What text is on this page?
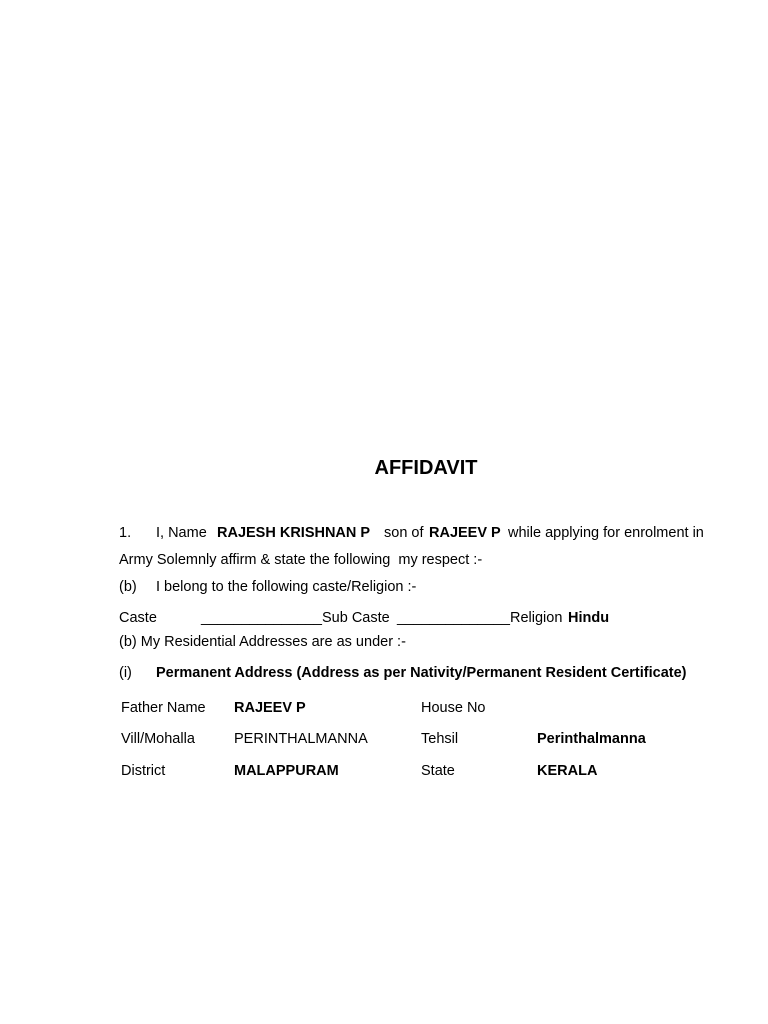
AFFIDAVIT
1. I, Name RAJESH KRISHNAN P son of RAJEEV P while applying for enrolment in
Army Solemnly affirm & state the following  my respect :-
(b) I belong to the following caste/Religion :-
Caste	_______________ Sub Caste ______________ Religion Hindu
(b) My Residential Addresses are as under :-
(i) Permanent Address (Address as per Nativity/Permanent Resident Certificate)
Father Name RAJEEV P	House No
Vill/Mohalla	PERINTHALMANNA	Tehsil	Perinthalmanna
District	MALAPPURAM	State	KERALA
